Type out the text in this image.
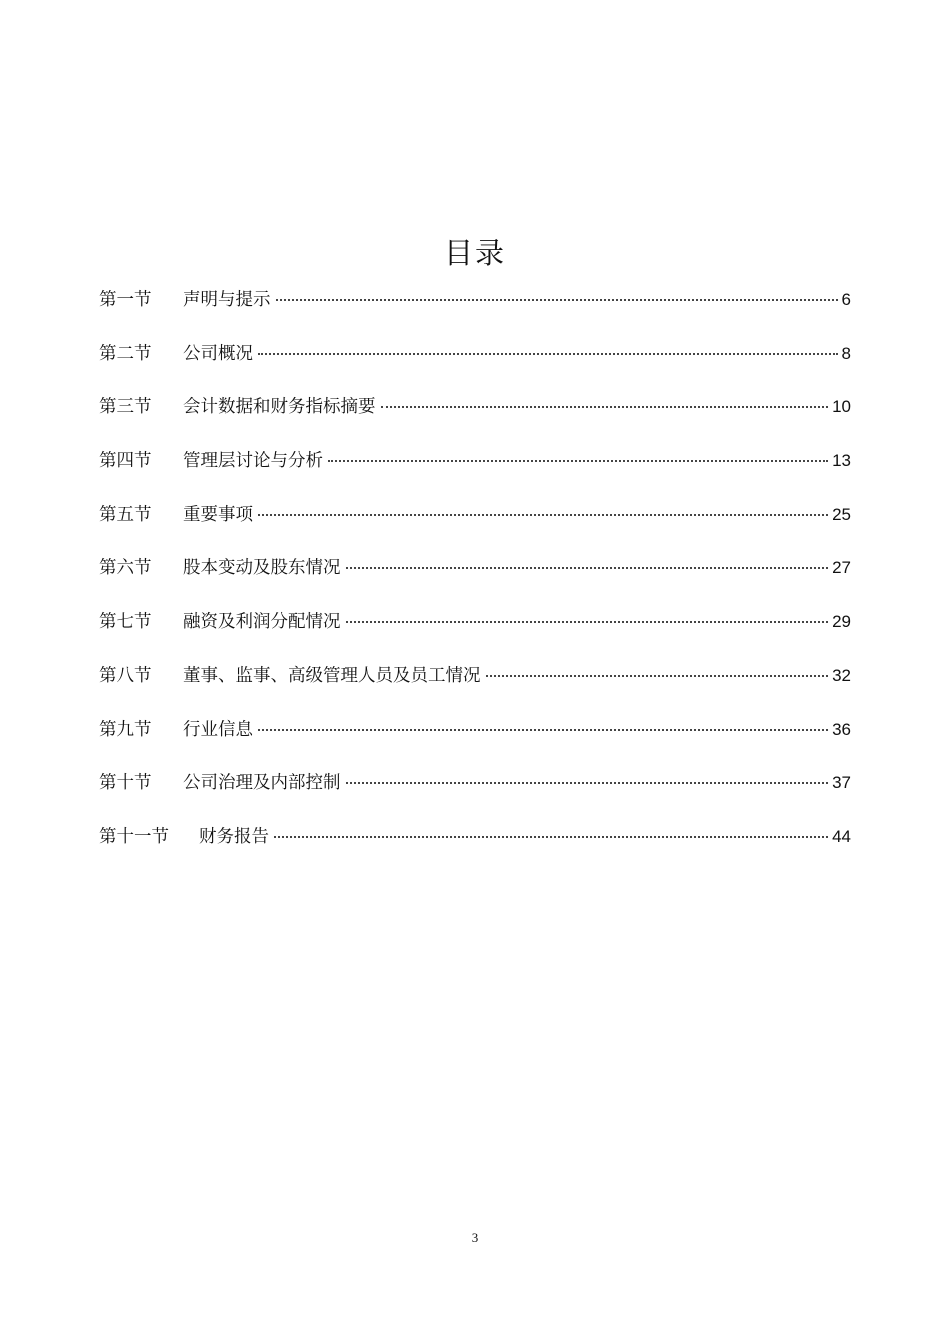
目录
第一节	声明与提示	6
第二节	公司概况	8
第三节	会计数据和财务指标摘要	10
第四节	管理层讨论与分析	13
第五节	重要事项	25
第六节	股本变动及股东情况	27
第七节	融资及利润分配情况	29
第八节	董事、监事、高级管理人员及员工情况	32
第九节	行业信息	36
第十节	公司治理及内部控制	37
第十一节	财务报告	44
3
